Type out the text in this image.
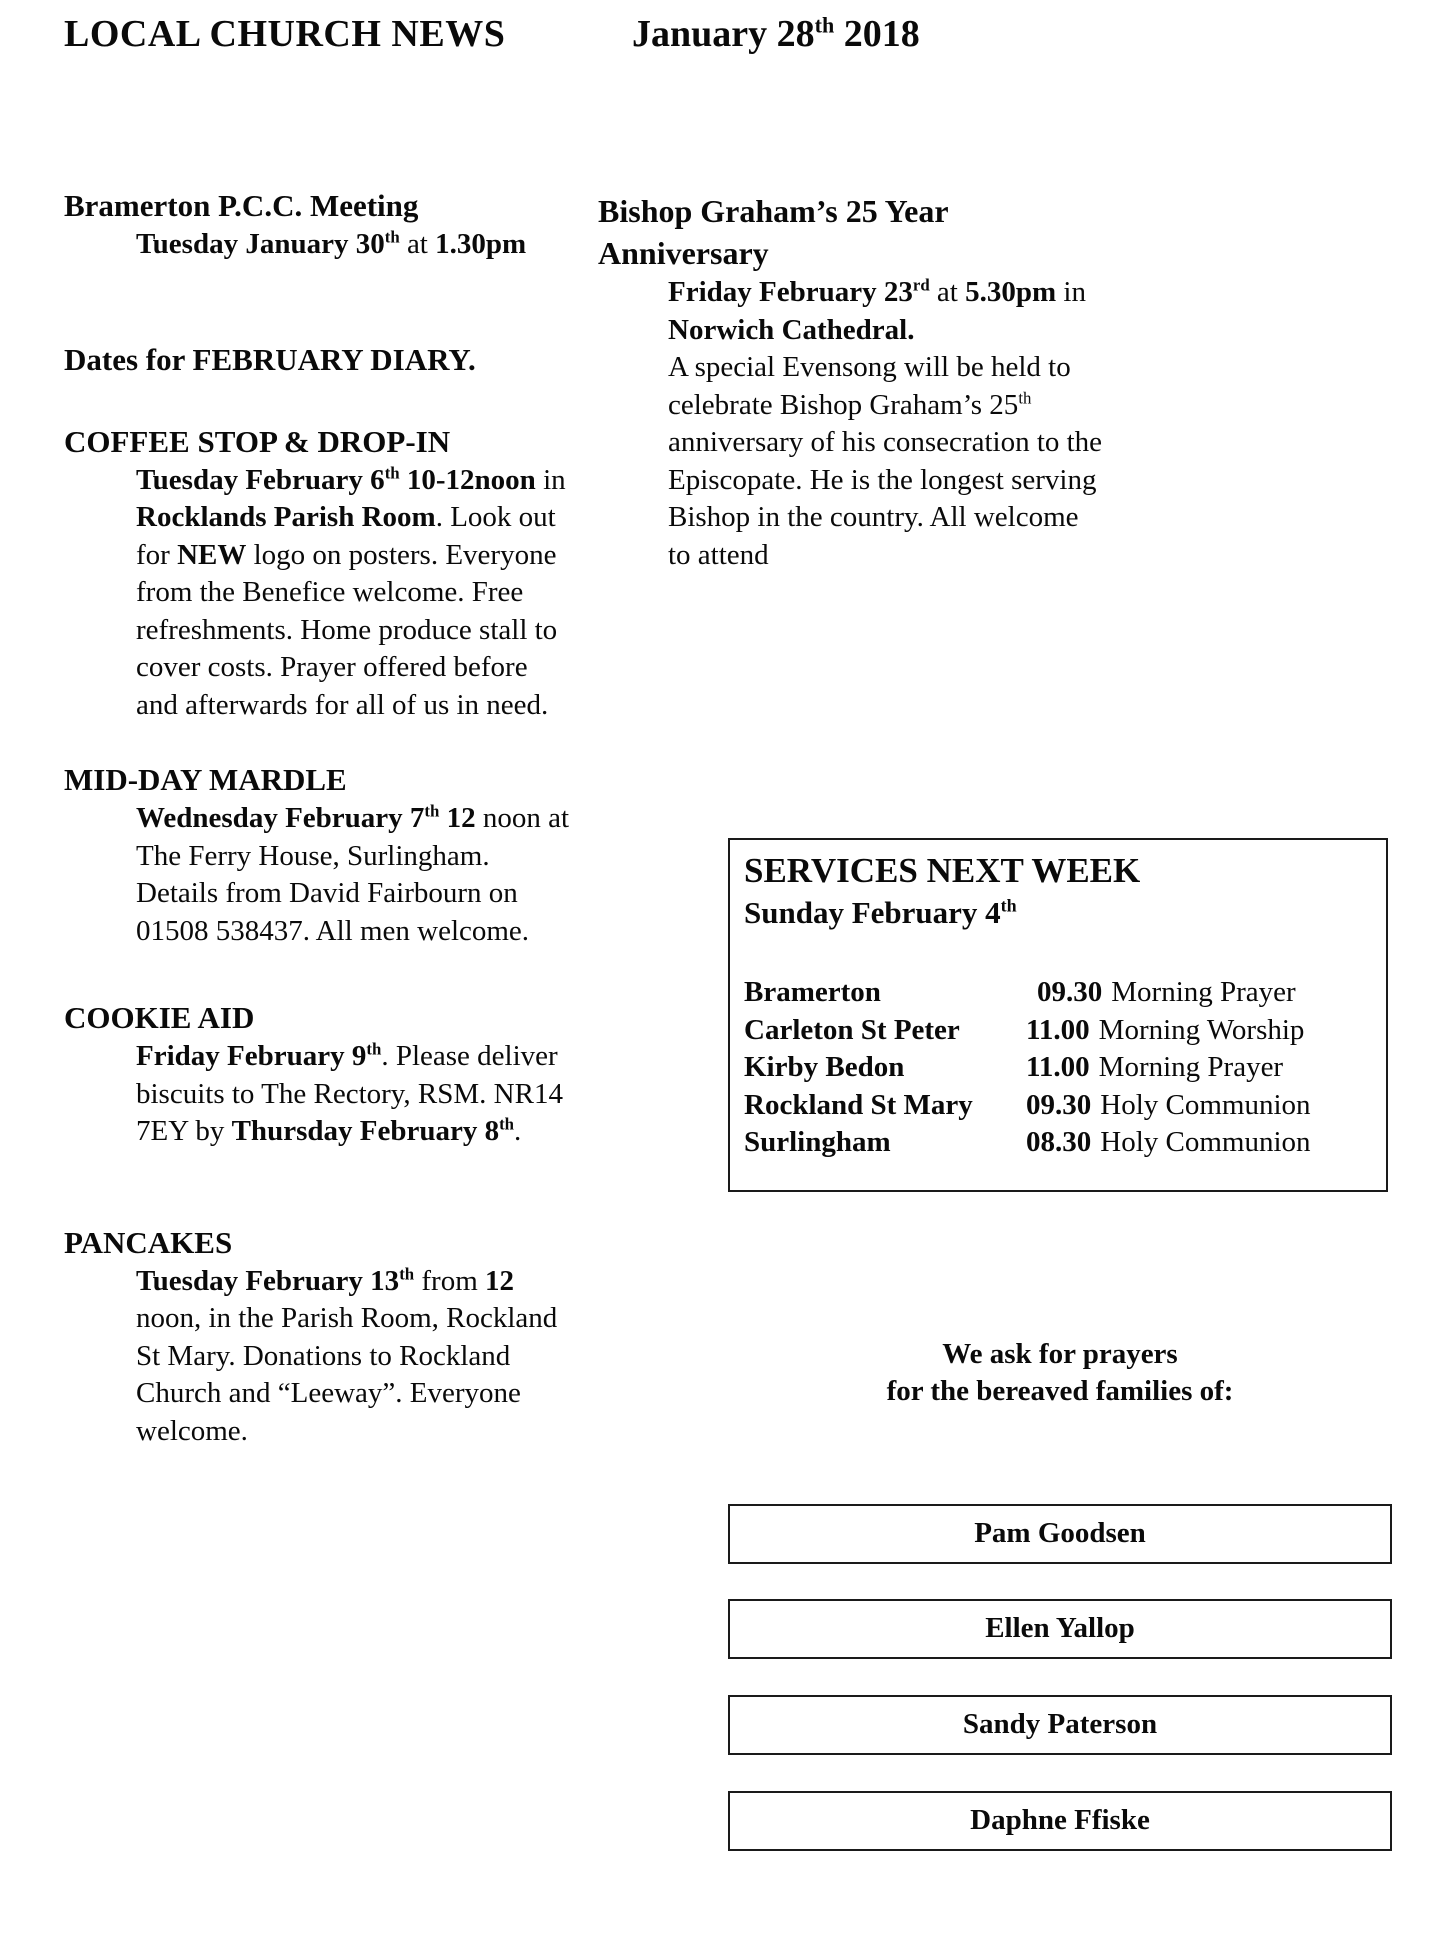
LOCAL CHURCH NEWS	January 28th 2018
Bramerton P.C.C. Meeting

Tuesday January 30th at 1.30pm

Dates for FEBRUARY DIARY.
COFFEE STOP & DROP-IN

Tuesday February 6th 10-12noon in Rocklands Parish Room. Look out for NEW logo on posters. Everyone from the Benefice welcome. Free refreshments. Home produce stall to cover costs. Prayer offered before and afterwards for all of us in need.

MID-DAY MARDLE

Wednesday February 7th 12 noon at The Ferry House, Surlingham. Details from David Fairbourn on 01508 538437. All men welcome.

COOKIE AID

Friday February 9th. Please deliver biscuits to The Rectory, RSM. NR14 7EY by Thursday February 8th.

PANCAKES

Tuesday February 13th from 12 noon, in the Parish Room, Rockland St Mary. Donations to Rockland Church and “Leeway”. Everyone welcome.

Bishop Graham’s 25 Year Anniversary

Friday February 23rd at 5.30pm in Norwich Cathedral.
A special Evensong will be held to celebrate Bishop Graham’s 25th anniversary of his consecration to the Episcopate. He is the longest serving Bishop in the country. All welcome to attend

SERVICES NEXT WEEK
Sunday February 4th
Bramerton	09.30 Morning Prayer
Carleton St Peter 11.00 Morning Worship
Kirby Bedon	11.00 Morning Prayer
Rockland St Mary 09.30 Holy Communion
Surlingham	08.30 Holy Communion
We ask for prayers
for the bereaved families of:
Pam Goodsen
Ellen Yallop
Sandy Paterson
Daphne Ffiske
